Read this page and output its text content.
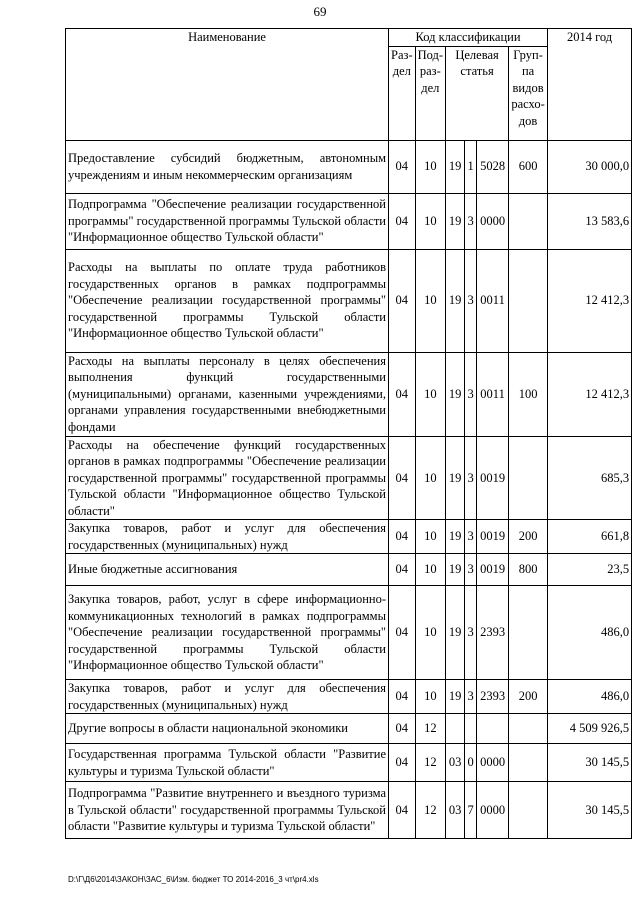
69
Наименование	Код классификации						2014 год
	Раз- дел	Под- раз- дел	Целевая статья			Груп- па видов расхо- дов	
Предоставление субсидий бюджетным, автономным учреждениям и иным некоммерческим организациям	04	10	19	1	5028	600	30 000,0
Подпрограмма "Обеспечение реализации государственной программы" государственной программы Тульской области "Информационное общество Тульской области"	04	10	19	3	0000		13 583,6
Расходы на выплаты по оплате труда работников государственных органов в рамках подпрограммы "Обеспечение реализации государственной программы" государственной программы Тульской области "Информационное общество Тульской области"	04	10	19	3	0011		12 412,3
Расходы на выплаты персоналу в целях обеспечения выполнения функций государственными (муниципальными) органами, казенными учреждениями, органами управления государственными внебюджетными фондами	04	10	19	3	0011	100	12 412,3
Расходы на обеспечение функций государственных органов в рамках подпрограммы "Обеспечение реализации государственной программы" государственной программы Тульской области "Информационное общество Тульской области"	04	10	19	3	0019		685,3
Закупка товаров, работ и услуг для обеспечения государственных (муниципальных) нужд	04	10	19	3	0019	200	661,8
Иные бюджетные ассигнования	04	10	19	3	0019	800	23,5
Закупка товаров, работ, услуг в сфере информационно-коммуникационных технологий в рамках подпрограммы "Обеспечение реализации государственной программы" государственной программы Тульской области "Информационное общество Тульской области"	04	10	19	3	2393		486,0
Закупка товаров, работ и услуг для обеспечения государственных (муниципальных) нужд	04	10	19	3	2393	200	486,0
Другие вопросы в области национальной экономики	04	12					4 509 926,5
Государственная программа Тульской области "Развитие культуры и туризма Тульской области"	04	12	03	0	0000		30 145,5
Подпрограмма "Развитие внутреннего и въездного туризма в Тульской области" государственной программы Тульской области "Развитие культуры и туризма Тульской области"	04	12	03	7	0000		30 145,5
D:\Г\Д6\2014\ЗАКОН\ЗАС_6\Изм. бюджет ТО 2014-2016_3 чт\pr4.xls
